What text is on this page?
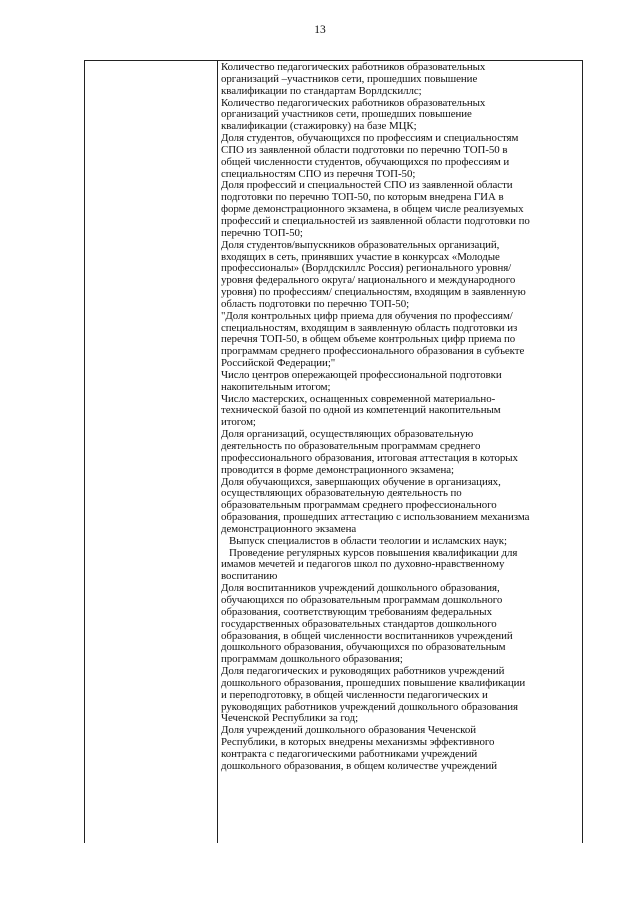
13
Количество педагогических работников образовательных
организаций –участников сети, прошедших повышение
квалификации по стандартам Ворлдскиллс;
Количество педагогических работников образовательных
организаций участников сети, прошедших повышение
квалификации (стажировку) на базе МЦК;
Доля студентов, обучающихся по профессиям и специальностям
СПО из заявленной области подготовки по перечню ТОП-50 в
общей численности студентов, обучающихся по профессиям и
специальностям СПО из перечня ТОП-50;
Доля профессий и специальностей СПО из заявленной области
подготовки по перечню ТОП-50, по которым внедрена ГИА в
форме демонстрационного экзамена, в общем числе реализуемых
профессий и специальностей из заявленной области подготовки по
перечню ТОП-50;
Доля студентов/выпускников образовательных организаций,
входящих в сеть, принявших участие в конкурсах «Молодые
профессионалы» (Ворлдскиллс Россия) регионального уровня/
уровня федерального округа/ национального и международного
уровня) по профессиям/ специальностям, входящим в заявленную
область подготовки по перечню ТОП-50;
"Доля контрольных цифр приема для обучения по профессиям/
специальностям, входящим в заявленную область подготовки из
перечня ТОП-50, в общем объеме контрольных цифр приема по
программам среднего профессионального образования в субъекте
Российской Федерации;"
Число центров опережающей профессиональной подготовки
накопительным итогом;
Число мастерских, оснащенных современной материально-
технической базой по одной из компетенций накопительным
итогом;
Доля организаций, осуществляющих образовательную
деятельность по образовательным программам среднего
профессионального образования, итоговая аттестация в которых
проводится в форме демонстрационного экзамена;
Доля обучающихся, завершающих обучение в организациях,
осуществляющих образовательную деятельность по
образовательным программам среднего профессионального
образования, прошедших аттестацию с использованием механизма
демонстрационного экзамена
Выпуск специалистов в области теологии и исламских наук;
Проведение регулярных курсов повышения квалификации для
имамов мечетей и педагогов школ по духовно-нравственному
воспитанию
Доля воспитанников учреждений дошкольного образования,
обучающихся по образовательным программам дошкольного
образования, соответствующим требованиям федеральных
государственных образовательных стандартов дошкольного
образования, в общей численности воспитанников учреждений
дошкольного образования, обучающихся по образовательным
программам дошкольного образования;
Доля педагогических и руководящих работников учреждений
дошкольного образования, прошедших повышение квалификации
и переподготовку, в общей численности педагогических и
руководящих работников учреждений дошкольного образования
Чеченской Республики за год;
Доля учреждений дошкольного образования Чеченской
Республики, в которых внедрены механизмы эффективного
контракта с педагогическими работниками учреждений
дошкольного образования, в общем количестве учреждений
